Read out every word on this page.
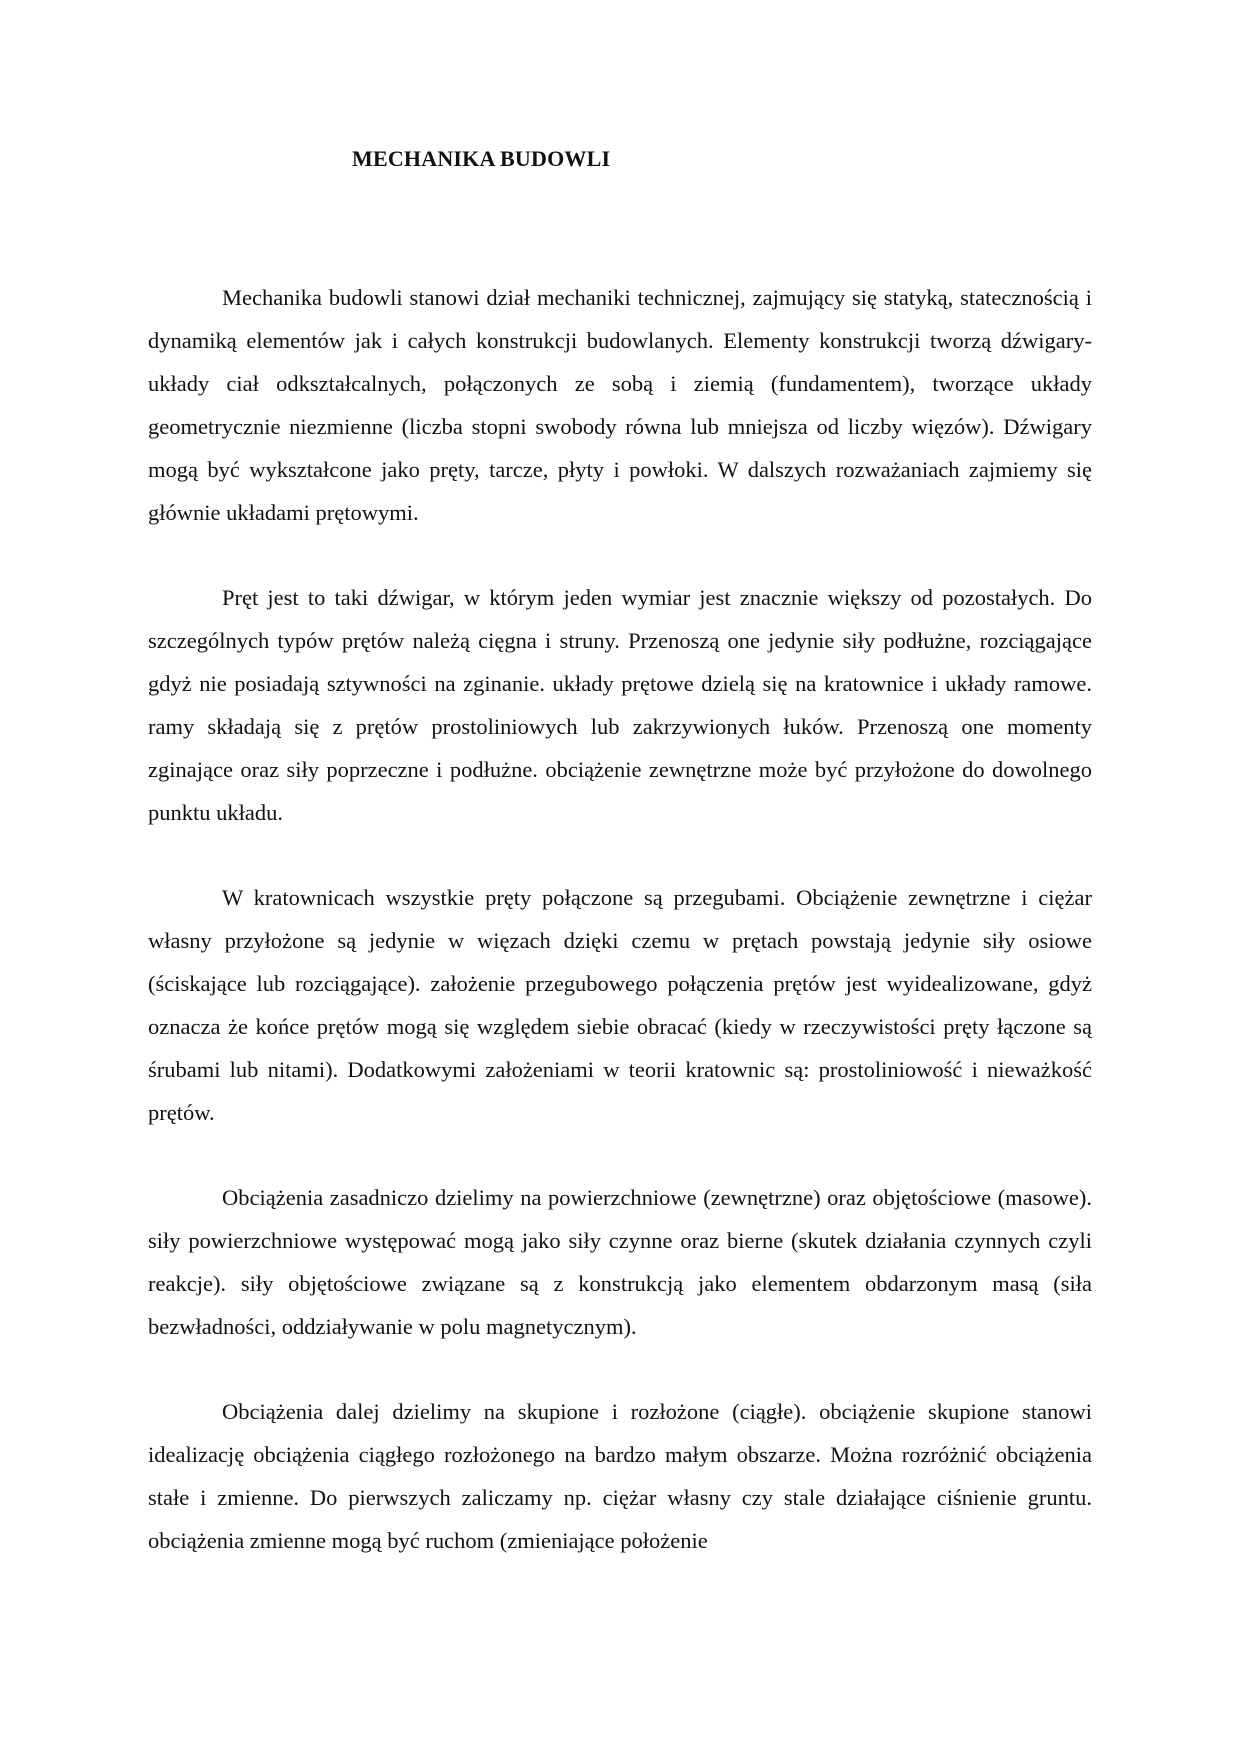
MECHANIKA BUDOWLI

Mechanika budowli stanowi dział mechaniki technicznej, zajmujący się statyką, statecznością i dynamiką elementów jak i całych konstrukcji budowlanych. Elementy konstrukcji tworzą dźwigary-układy ciał odkształcalnych, połączonych ze sobą i ziemią (fundamentem), tworzące układy geometrycznie niezmienne (liczba stopni swobody równa lub mniejsza od liczby więzów). Dźwigary mogą być wykształcone jako pręty, tarcze, płyty i powłoki. W dalszych rozważaniach zajmiemy się głównie układami prętowymi.

Pręt jest to taki dźwigar, w którym jeden wymiar jest znacznie większy od pozostałych. Do szczególnych typów prętów należą cięgna i struny. Przenoszą one jedynie siły podłużne, rozciągające gdyż nie posiadają sztywności na zginanie. układy prętowe dzielą się na kratownice i układy ramowe. ramy składają się z prętów prostoliniowych lub zakrzywionych łuków. Przenoszą one momenty zginające oraz siły poprzeczne i podłużne. obciążenie zewnętrzne może być przyłożone do dowolnego punktu układu.

W kratownicach wszystkie pręty połączone są przegubami. Obciążenie zewnętrzne i ciężar własny przyłożone są jedynie w więzach dzięki czemu w prętach powstają jedynie siły osiowe (ściskające lub rozciągające). założenie przegubowego połączenia prętów jest wyidealizowane, gdyż oznacza że końce prętów mogą się względem siebie obracać (kiedy w rzeczywistości pręty łączone są śrubami lub nitami). Dodatkowymi założeniami w teorii kratownic są: prostoliniowość i nieważkość prętów.

Obciążenia zasadniczo dzielimy na powierzchniowe (zewnętrzne) oraz objętościowe (masowe). siły powierzchniowe występować mogą jako siły czynne oraz bierne (skutek działania czynnych czyli reakcje). siły objętościowe związane są z konstrukcją jako elementem obdarzonym masą (siła bezwładności, oddziaływanie w polu magnetycznym).

Obciążenia dalej dzielimy na skupione i rozłożone (ciągłe). obciążenie skupione stanowi idealizację obciążenia ciągłego rozłożonego na bardzo małym obszarze. Można rozróżnić obciążenia stałe i zmienne. Do pierwszych zaliczamy np. ciężar własny czy stale działające ciśnienie gruntu. obciążenia zmienne mogą być ruchom (zmieniające położenie
